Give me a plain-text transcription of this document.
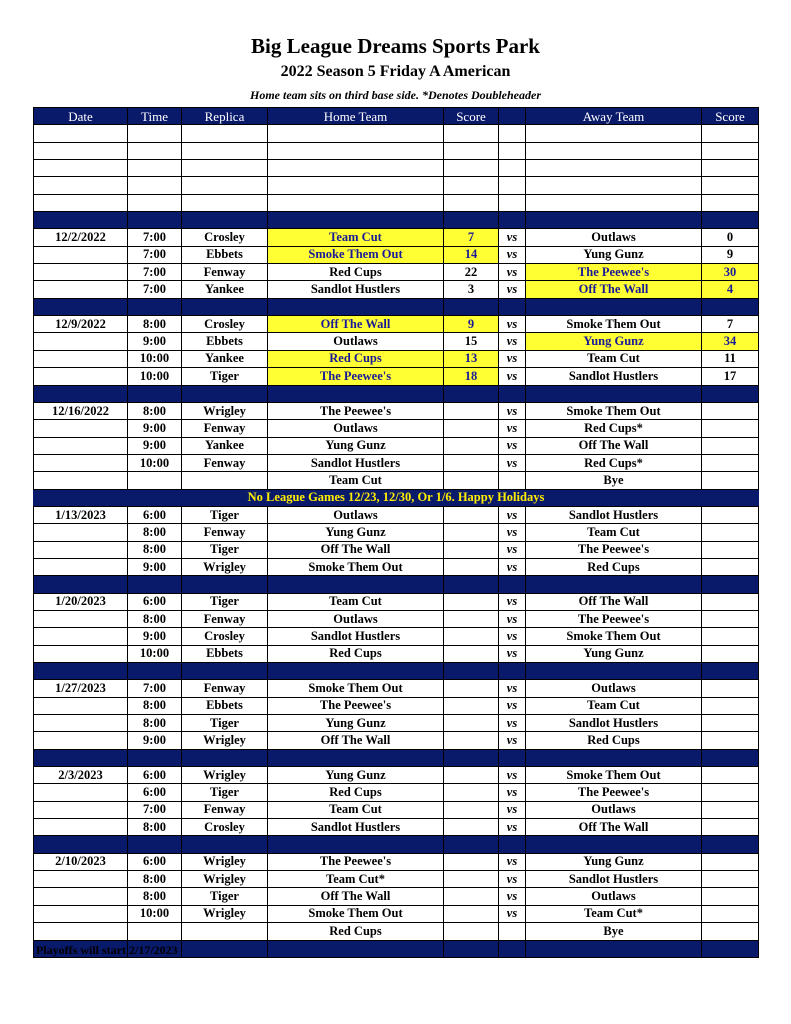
Big League Dreams Sports Park
2022 Season 5 Friday A American
Home team sits on third base side. *Denotes Doubleheader
Date	Time	Replica	Home Team	Score		Away Team	Score

12/2/2022	7:00	Crosley	Team Cut	7	vs	Outlaws	0
	7:00	Ebbets	Smoke Them Out	14	vs	Yung Gunz	9
	7:00	Fenway	Red Cups	22	vs	The Peewee's	30
	7:00	Yankee	Sandlot Hustlers	3	vs	Off The Wall	4

12/9/2022	8:00	Crosley	Off The Wall	9	vs	Smoke Them Out	7
	9:00	Ebbets	Outlaws	15	vs	Yung Gunz	34
	10:00	Yankee	Red Cups	13	vs	Team Cut	11
	10:00	Tiger	The Peewee's	18	vs	Sandlot Hustlers	17

12/16/2022	8:00	Wrigley	The Peewee's		vs	Smoke Them Out	
	9:00	Fenway	Outlaws		vs	Red Cups*	
	9:00	Yankee	Yung Gunz		vs	Off The Wall	
	10:00	Fenway	Sandlot Hustlers		vs	Red Cups*	
			Team Cut			Bye	
No League Games 12/23, 12/30, Or 1/6. Happy Holidays							
1/13/2023	6:00	Tiger	Outlaws		vs	Sandlot Hustlers	
	8:00	Fenway	Yung Gunz		vs	Team Cut	
	8:00	Tiger	Off The Wall		vs	The Peewee's	
	9:00	Wrigley	Smoke Them Out		vs	Red Cups	

1/20/2023	6:00	Tiger	Team Cut		vs	Off The Wall	
	8:00	Fenway	Outlaws		vs	The Peewee's	
	9:00	Crosley	Sandlot Hustlers		vs	Smoke Them Out	
	10:00	Ebbets	Red Cups		vs	Yung Gunz	

1/27/2023	7:00	Fenway	Smoke Them Out		vs	Outlaws	
	8:00	Ebbets	The Peewee's		vs	Team Cut	
	8:00	Tiger	Yung Gunz		vs	Sandlot Hustlers	
	9:00	Wrigley	Off The Wall		vs	Red Cups	

2/3/2023	6:00	Wrigley	Yung Gunz		vs	Smoke Them Out	
	6:00	Tiger	Red Cups		vs	The Peewee's	
	7:00	Fenway	Team Cut		vs	Outlaws	
	8:00	Crosley	Sandlot Hustlers		vs	Off The Wall	

2/10/2023	6:00	Wrigley	The Peewee's		vs	Yung Gunz	
	8:00	Wrigley	Team Cut*		vs	Sandlot Hustlers	
	8:00	Tiger	Off The Wall		vs	Outlaws	
	10:00	Wrigley	Smoke Them Out		vs	Team Cut*	
			Red Cups			Bye	

Playoffs will start 2/17/2023
